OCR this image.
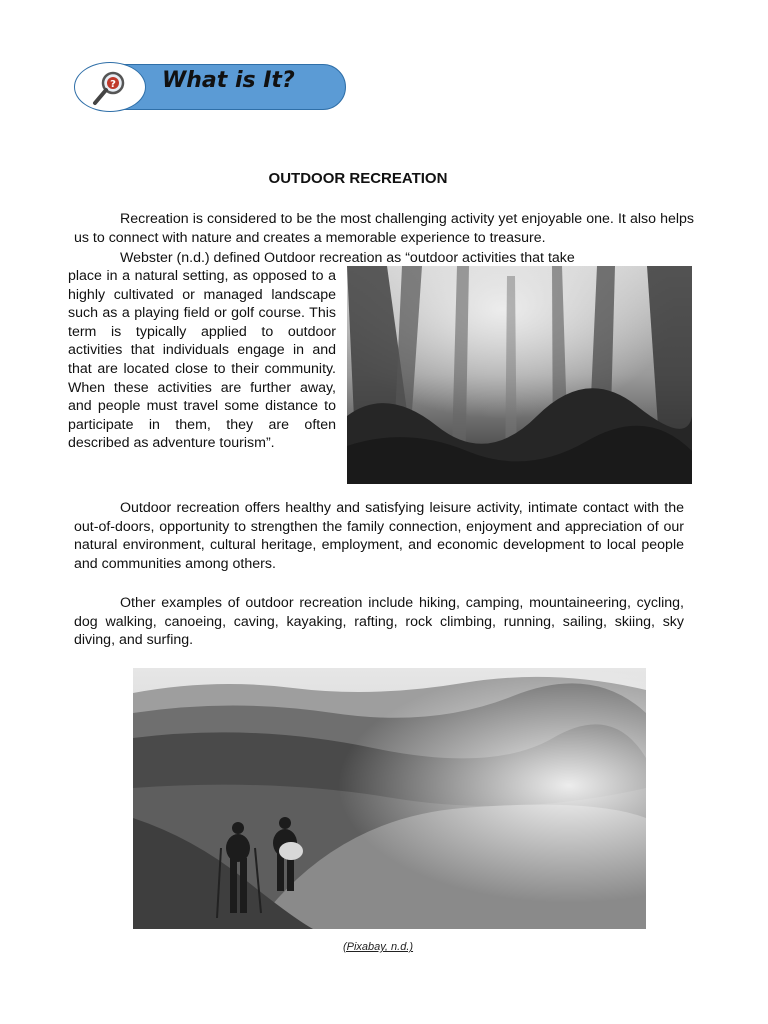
? What is It?
OUTDOOR RECREATION

Recreation is considered to be the most challenging activity yet enjoyable one. It also helps us to connect with nature and creates a memorable experience to treasure.

Webster (n.d.) defined Outdoor recreation as “outdoor activities that take

place in a natural setting, as opposed to a highly cultivated or managed landscape such as a playing field or golf course. This term is typically applied to outdoor activities that individuals engage in and that are located close to their community. When these activities are further away, and people must travel some distance to participate in them, they are often described as adventure tourism”.

Outdoor recreation offers healthy and satisfying leisure activity, intimate contact with the out-of-doors, opportunity to strengthen the family connection, enjoyment and appreciation of our natural environment, cultural heritage, employment, and economic development to local people and communities among others.

Other examples of outdoor recreation include hiking, camping, mountaineering, cycling, dog walking, canoeing, caving, kayaking, rafting, rock climbing, running, sailing, skiing, sky diving, and surfing.

(Pixabay, n.d.)
